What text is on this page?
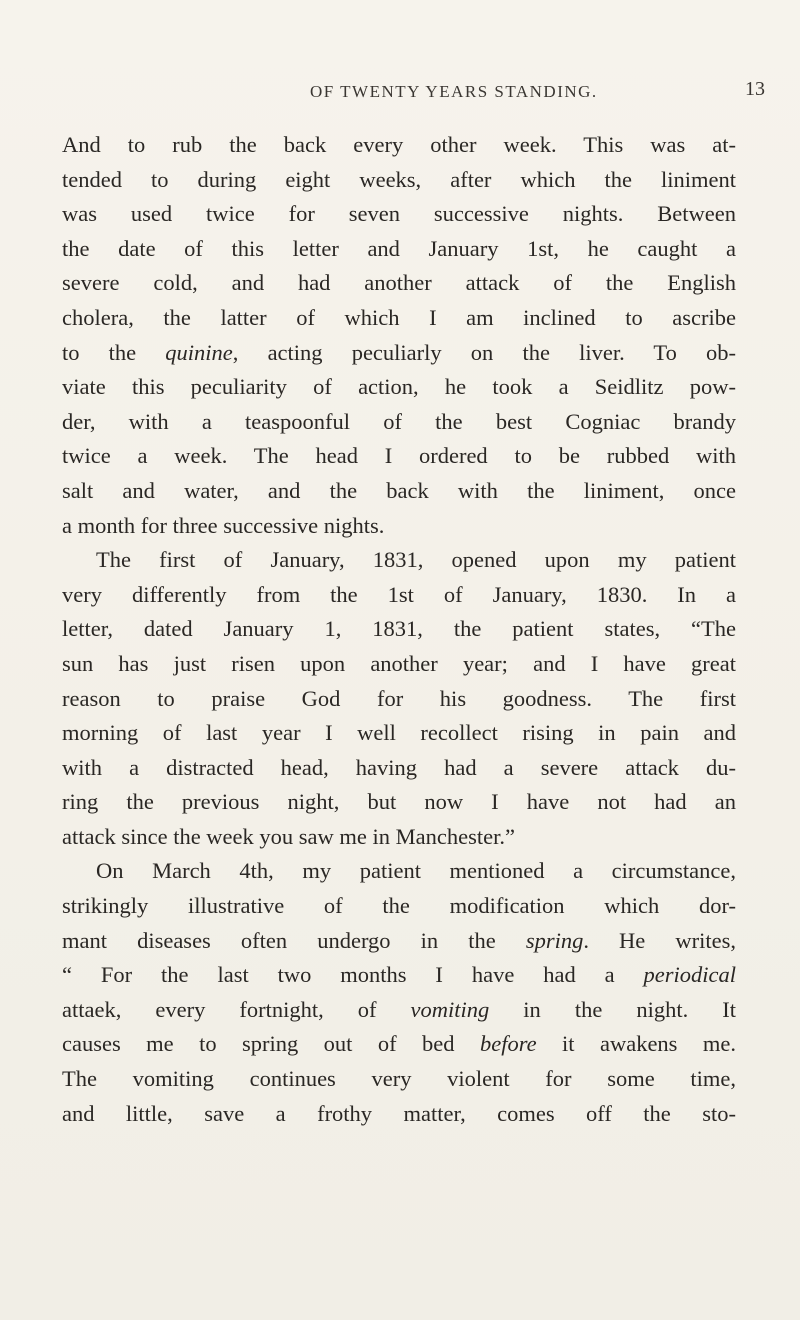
OF TWENTY YEARS STANDING.	13
And to rub the back every other week. This was at-
tended to during eight weeks, after which the liniment
was used twice for seven successive nights. Between
the date of this letter and January 1st, he caught a
severe cold, and had another attack of the English
cholera, the latter of which I am inclined to ascribe
to the quinine, acting peculiarly on the liver. To ob-
viate this peculiarity of action, he took a Seidlitz pow-
der, with a teaspoonful of the best Cogniac brandy
twice a week. The head I ordered to be rubbed with
salt and water, and the back with the liniment, once
a month for three successive nights.
The first of January, 1831, opened upon my patient
very differently from the 1st of January, 1830. In a
letter, dated January 1, 1831, the patient states, “The
sun has just risen upon another year; and I have great
reason to praise God for his goodness. The first
morning of last year I well recollect rising in pain and
with a distracted head, having had a severe attack du-
ring the previous night, but now I have not had an
attack since the week you saw me in Manchester.”
On March 4th, my patient mentioned a circumstance,
strikingly illustrative of the modification which dor-
mant diseases often undergo in the spring. He writes,
“ For the last two months I have had a periodical
attaek, every fortnight, of vomiting in the night. It
causes me to spring out of bed before it awakens me.
The vomiting continues very violent for some time,
and little, save a frothy matter, comes off the sto-
